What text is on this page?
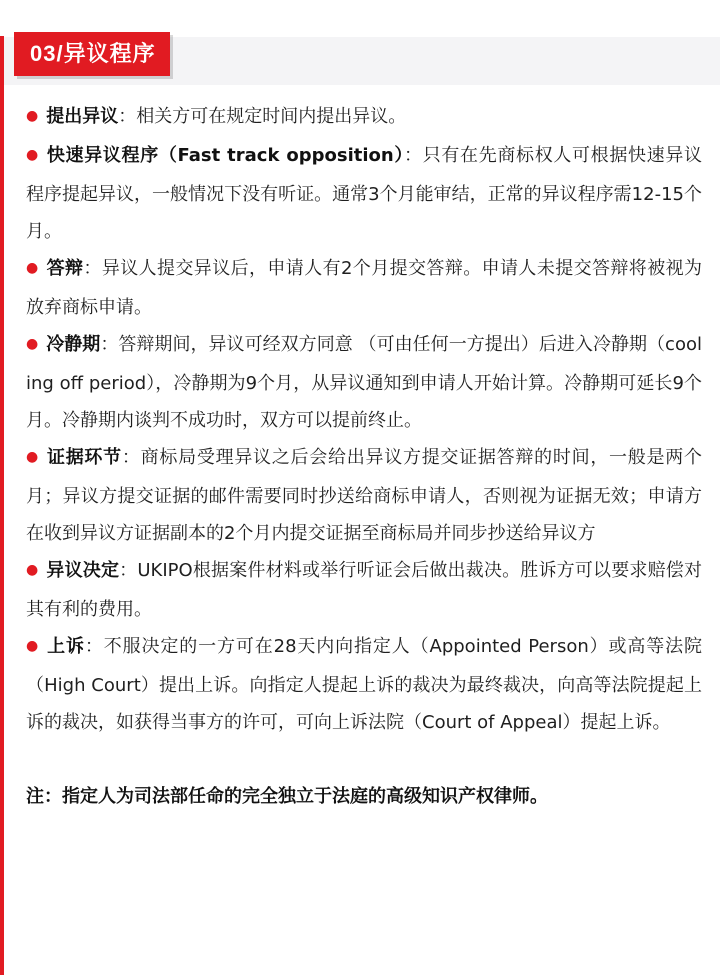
03/异议程序
● 提出异议：相关方可在规定时间内提出异议。
● 快速异议程序（Fast track opposition）：只有在先商标权人可根据快速异议程序提起异议，一般情况下没有听证。通常3个月能审结，正常的异议程序需12-15个月。
● 答辩：异议人提交异议后，申请人有2个月提交答辩。申请人未提交答辩将被视为放弃商标申请。
● 冷静期：答辩期间，异议可经双方同意 （可由任何一方提出）后进入冷静期（cooling off period），冷静期为9个月，从异议通知到申请人开始计算。冷静期可延长9个月。冷静期内谈判不成功时，双方可以提前终止。
● 证据环节：商标局受理异议之后会给出异议方提交证据答辩的时间，一般是两个月；异议方提交证据的邮件需要同时抄送给商标申请人，否则视为证据无效；申请方在收到异议方证据副本的2个月内提交证据至商标局并同步抄送给异议方
● 异议决定：UKIPO根据案件材料或举行听证会后做出裁决。胜诉方可以要求赔偿对其有利的费用。
● 上诉：不服决定的一方可在28天内向指定人（Appointed Person）或高等法院（High Court）提出上诉。向指定人提起上诉的裁决为最终裁决，向高等法院提起上诉的裁决，如获得当事方的许可，可向上诉法院（Court of Appeal）提起上诉。
注：指定人为司法部任命的完全独立于法庭的高级知识产权律师。
